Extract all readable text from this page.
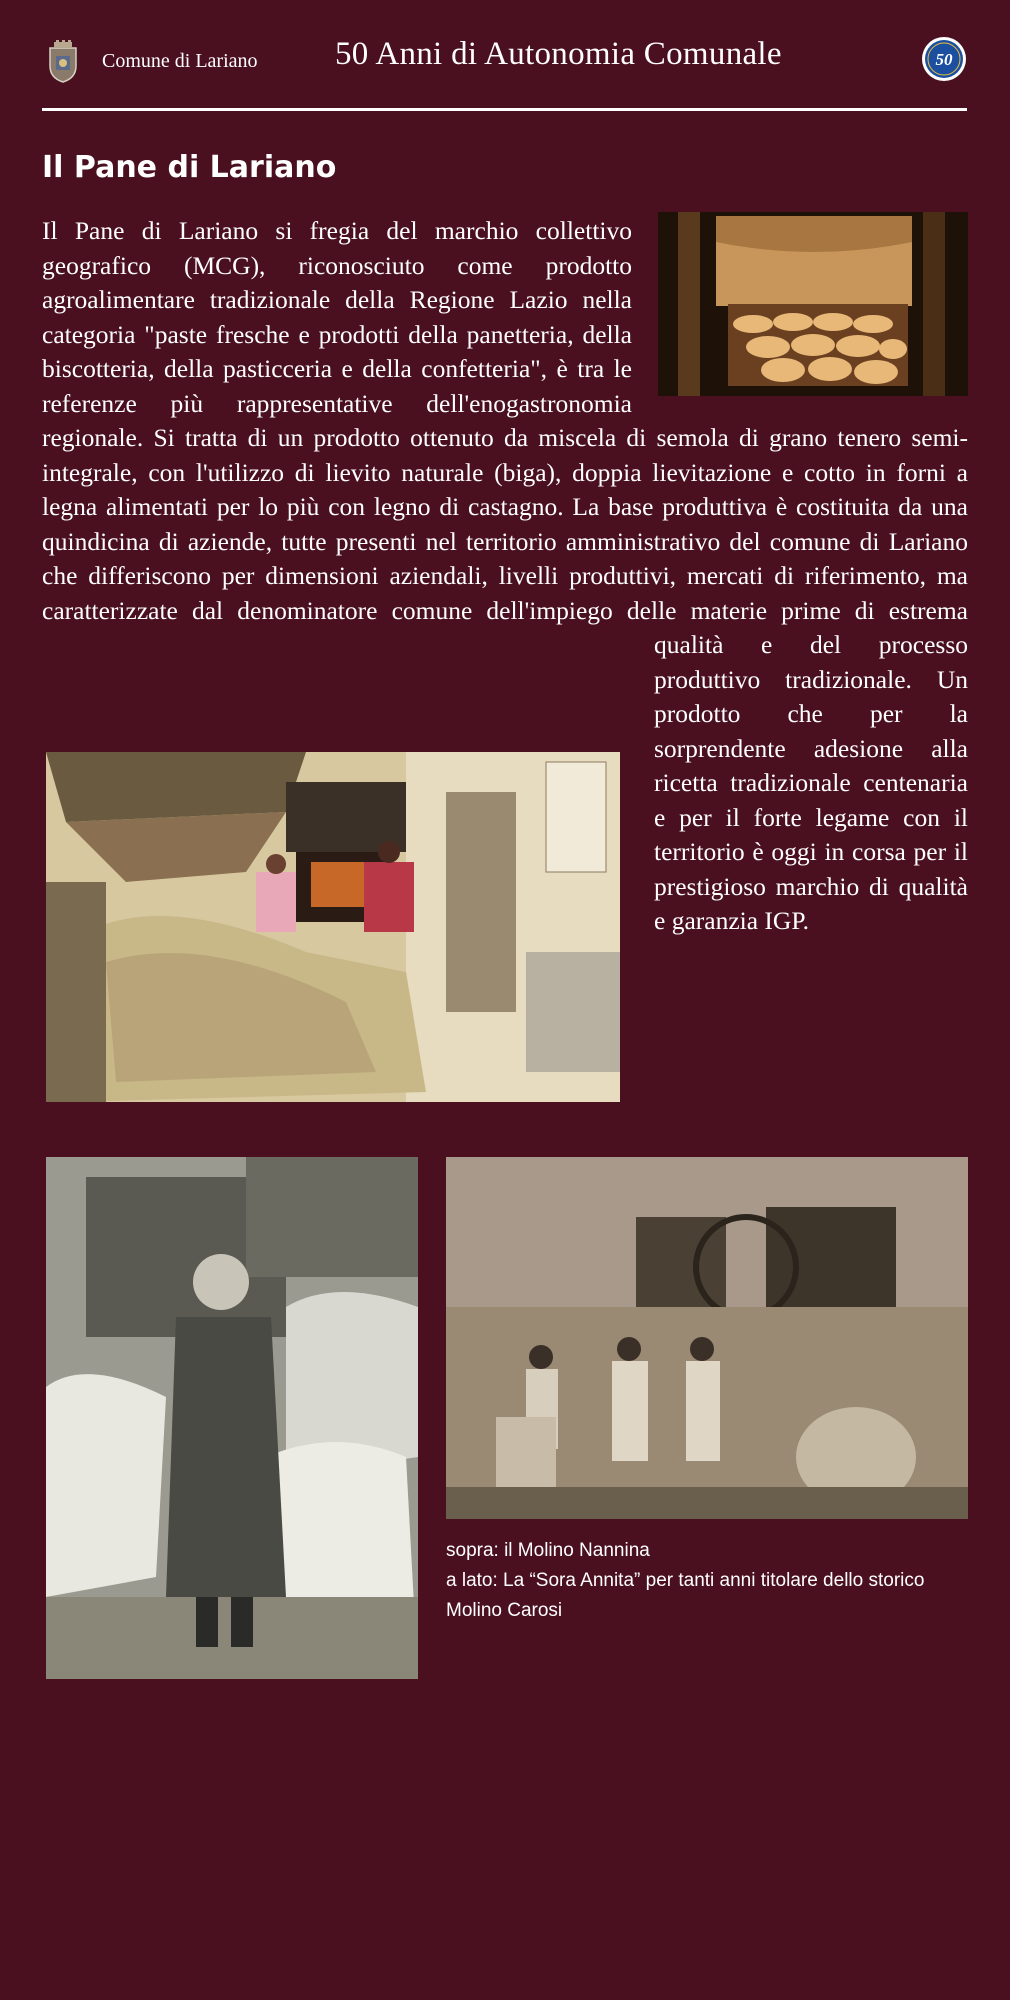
Comune di Lariano 50 Anni di Autonomia Comunale	50
Il Pane di Lariano
Il Pane di Lariano si fregia del marchio collettivo geografico (MCG), riconosciuto come prodotto agroalimentare tradizionale della Regione Lazio nella categoria "paste fresche e prodotti della panetteria, della biscotteria, della pasticceria e della confetteria", è tra le referenze più rappresentative dell'enogastronomia regionale. Si tratta di un prodotto ottenuto da miscela di semola di grano tenero semi-integrale, con l'utilizzo di lievito naturale (biga), doppia lievitazione e cotto in forni a legna alimentati per lo più con legno di castagno. La base produttiva è costituita da una quindicina di aziende, tutte presenti nel territorio amministrativo del comune di Lariano che differiscono per dimensioni aziendali, livelli produttivi, mercati di riferimento, ma caratterizzate dal denominatore comune dell'impiego
delle materie prime di estrema qualità e del processo produttivo tradizionale. Un prodotto che per la sorprendente adesione alla ricetta tradizionale centenaria e per il forte legame con il territorio è oggi in corsa per il prestigioso marchio di qualità e garanzia IGP.
sopra: il Molino Nannina
a lato: La “Sora Annita” per tanti anni titolare dello storico
Molino Carosi
